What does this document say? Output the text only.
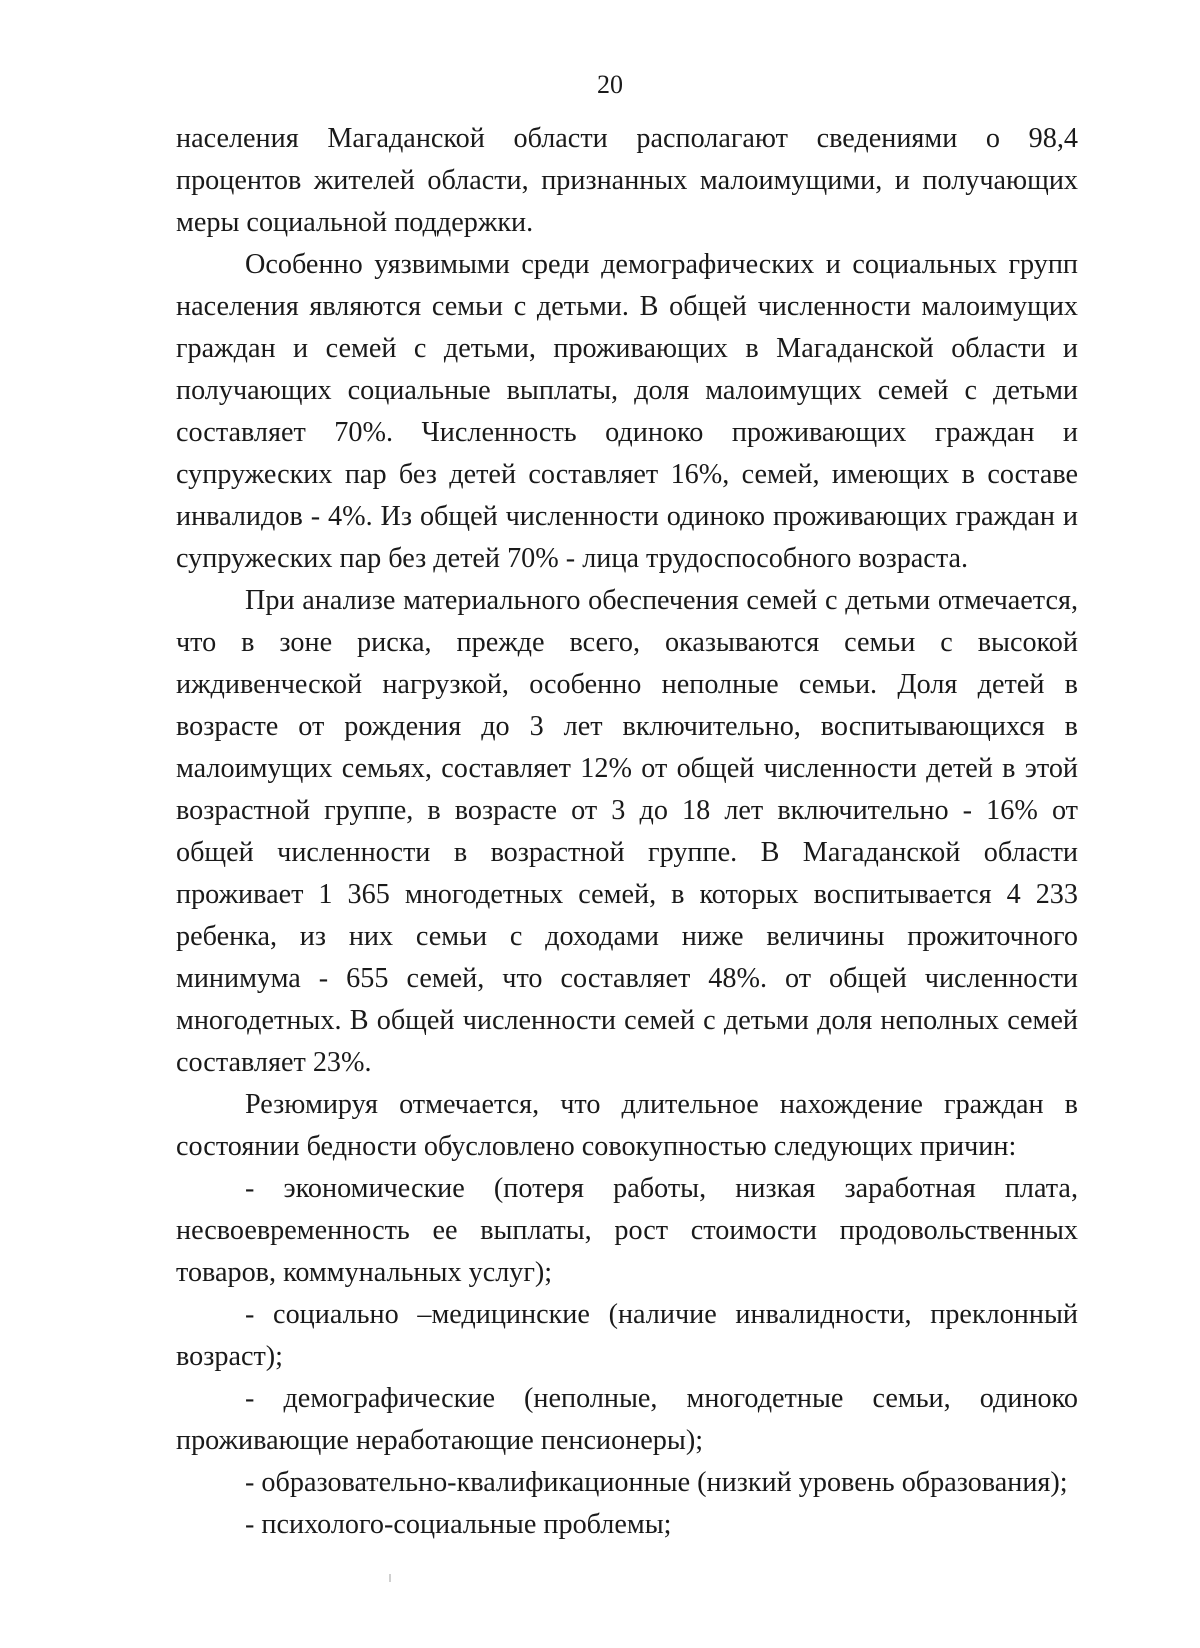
20

населения Магаданской области располагают сведениями о 98,4 процентов жителей области, признанных малоимущими, и получающих меры социальной поддержки.

Особенно уязвимыми среди демографических и социальных групп населения являются семьи с детьми. В общей численности малоимущих граждан и семей с детьми, проживающих в Магаданской области и получающих социальные выплаты, доля малоимущих семей с детьми составляет 70%. Численность одиноко проживающих граждан и супружеских пар без детей составляет 16%, семей, имеющих в составе инвалидов - 4%. Из общей численности одиноко проживающих граждан и супружеских пар без детей 70% - лица трудоспособного возраста.

При анализе материального обеспечения семей с детьми отмечается, что в зоне риска, прежде всего, оказываются семьи с высокой иждивенческой нагрузкой, особенно неполные семьи. Доля детей в возрасте от рождения до 3 лет включительно, воспитывающихся в малоимущих семьях, составляет 12% от общей численности детей в этой возрастной группе, в возрасте от 3 до 18 лет включительно - 16% от общей численности в возрастной группе. В Магаданской области проживает 1 365 многодетных семей, в которых воспитывается 4 233 ребенка, из них семьи с доходами ниже величины прожиточного минимума - 655 семей, что составляет 48%. от общей численности многодетных. В общей численности семей с детьми доля неполных семей составляет 23%.

Резюмируя отмечается, что длительное нахождение граждан в состоянии бедности обусловлено совокупностью следующих причин:

- экономические (потеря работы, низкая заработная плата, несвоевременность ее выплаты, рост стоимости продовольственных товаров, коммунальных услуг);

- социально –медицинские (наличие инвалидности, преклонный возраст);

- демографические (неполные, многодетные семьи, одиноко проживающие неработающие пенсионеры);

- образовательно-квалификационные (низкий уровень образования);

- психолого-социальные проблемы;
